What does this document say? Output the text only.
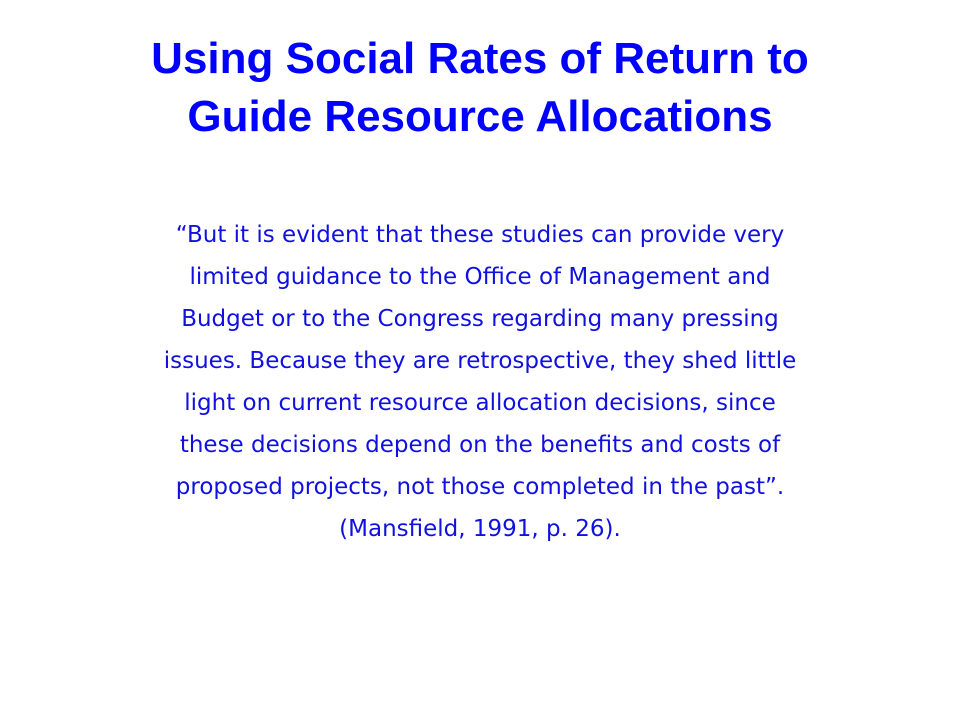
Using Social Rates of Return to
Guide Resource Allocations

“But it is evident that these studies can provide very
limited guidance to the Office of Management and
Budget or to the Congress regarding many pressing
issues. Because they are retrospective, they shed little
light on current resource allocation decisions, since
these decisions depend on the benefits and costs of
proposed projects, not those completed in the past”.
(Mansfield, 1991, p. 26).
